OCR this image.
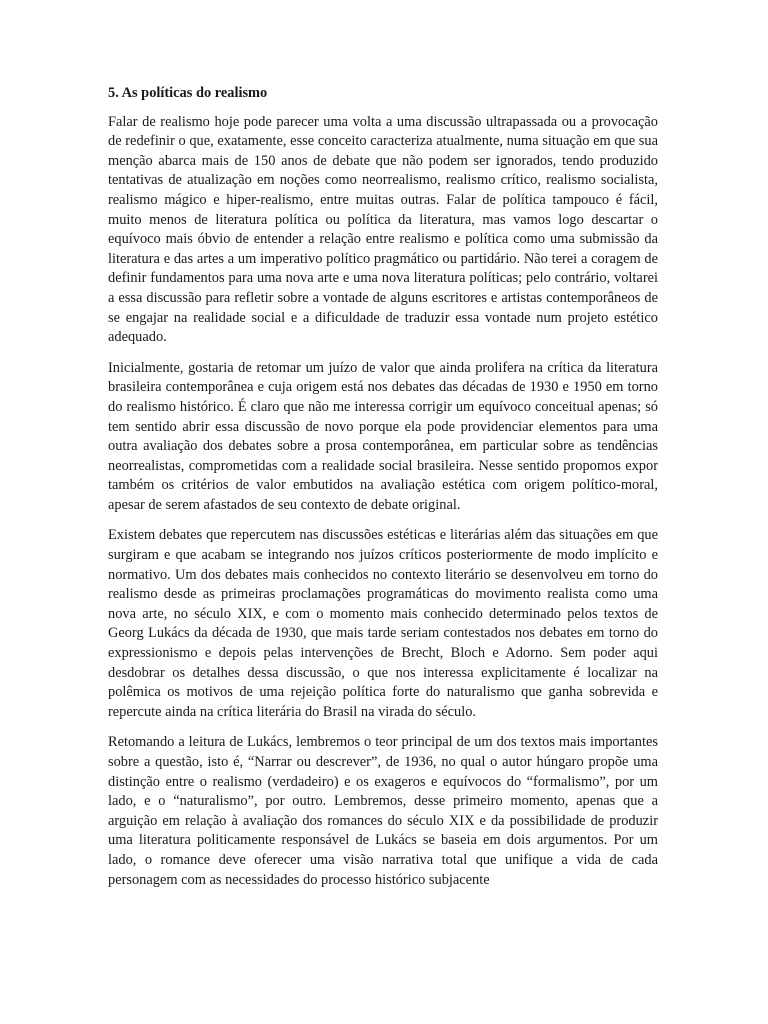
5. As políticas do realismo

Falar de realismo hoje pode parecer uma volta a uma discussão ultrapassada ou a provocação de redefinir o que, exatamente, esse conceito caracteriza atualmente, numa situação em que sua menção abarca mais de 150 anos de debate que não podem ser ignorados, tendo produzido tentativas de atualização em noções como neorrealismo, realismo crítico, realismo socialista, realismo mágico e hiper-realismo, entre muitas outras. Falar de política tampouco é fácil, muito menos de literatura política ou política da literatura, mas vamos logo descartar o equívoco mais óbvio de entender a relação entre realismo e política como uma submissão da literatura e das artes a um imperativo político pragmático ou partidário. Não terei a coragem de definir fundamentos para uma nova arte e uma nova literatura políticas; pelo contrário, voltarei a essa discussão para refletir sobre a vontade de alguns escritores e artistas contemporâneos de se engajar na realidade social e a dificuldade de traduzir essa vontade num projeto estético adequado.

Inicialmente, gostaria de retomar um juízo de valor que ainda prolifera na crítica da literatura brasileira contemporânea e cuja origem está nos debates das décadas de 1930 e 1950 em torno do realismo histórico. É claro que não me interessa corrigir um equívoco conceitual apenas; só tem sentido abrir essa discussão de novo porque ela pode providenciar elementos para uma outra avaliação dos debates sobre a prosa contemporânea, em particular sobre as tendências neorrealistas, comprometidas com a realidade social brasileira. Nesse sentido propomos expor também os critérios de valor embutidos na avaliação estética com origem político-moral, apesar de serem afastados de seu contexto de debate original.

Existem debates que repercutem nas discussões estéticas e literárias além das situações em que surgiram e que acabam se integrando nos juízos críticos posteriormente de modo implícito e normativo. Um dos debates mais conhecidos no contexto literário se desenvolveu em torno do realismo desde as primeiras proclamações programáticas do movimento realista como uma nova arte, no século XIX, e com o momento mais conhecido determinado pelos textos de Georg Lukács da década de 1930, que mais tarde seriam contestados nos debates em torno do expressionismo e depois pelas intervenções de Brecht, Bloch e Adorno. Sem poder aqui desdobrar os detalhes dessa discussão, o que nos interessa explicitamente é localizar na polêmica os motivos de uma rejeição política forte do naturalismo que ganha sobrevida e repercute ainda na crítica literária do Brasil na virada do século.

Retomando a leitura de Lukács, lembremos o teor principal de um dos textos mais importantes sobre a questão, isto é, “Narrar ou descrever”, de 1936, no qual o autor húngaro propõe uma distinção entre o realismo (verdadeiro) e os exageros e equívocos do “formalismo”, por um lado, e o “naturalismo”, por outro. Lembremos, desse primeiro momento, apenas que a arguição em relação à avaliação dos romances do século XIX e da possibilidade de produzir uma literatura politicamente responsável de Lukács se baseia em dois argumentos. Por um lado, o romance deve oferecer uma visão narrativa total que unifique a vida de cada personagem com as necessidades do processo histórico subjacente
